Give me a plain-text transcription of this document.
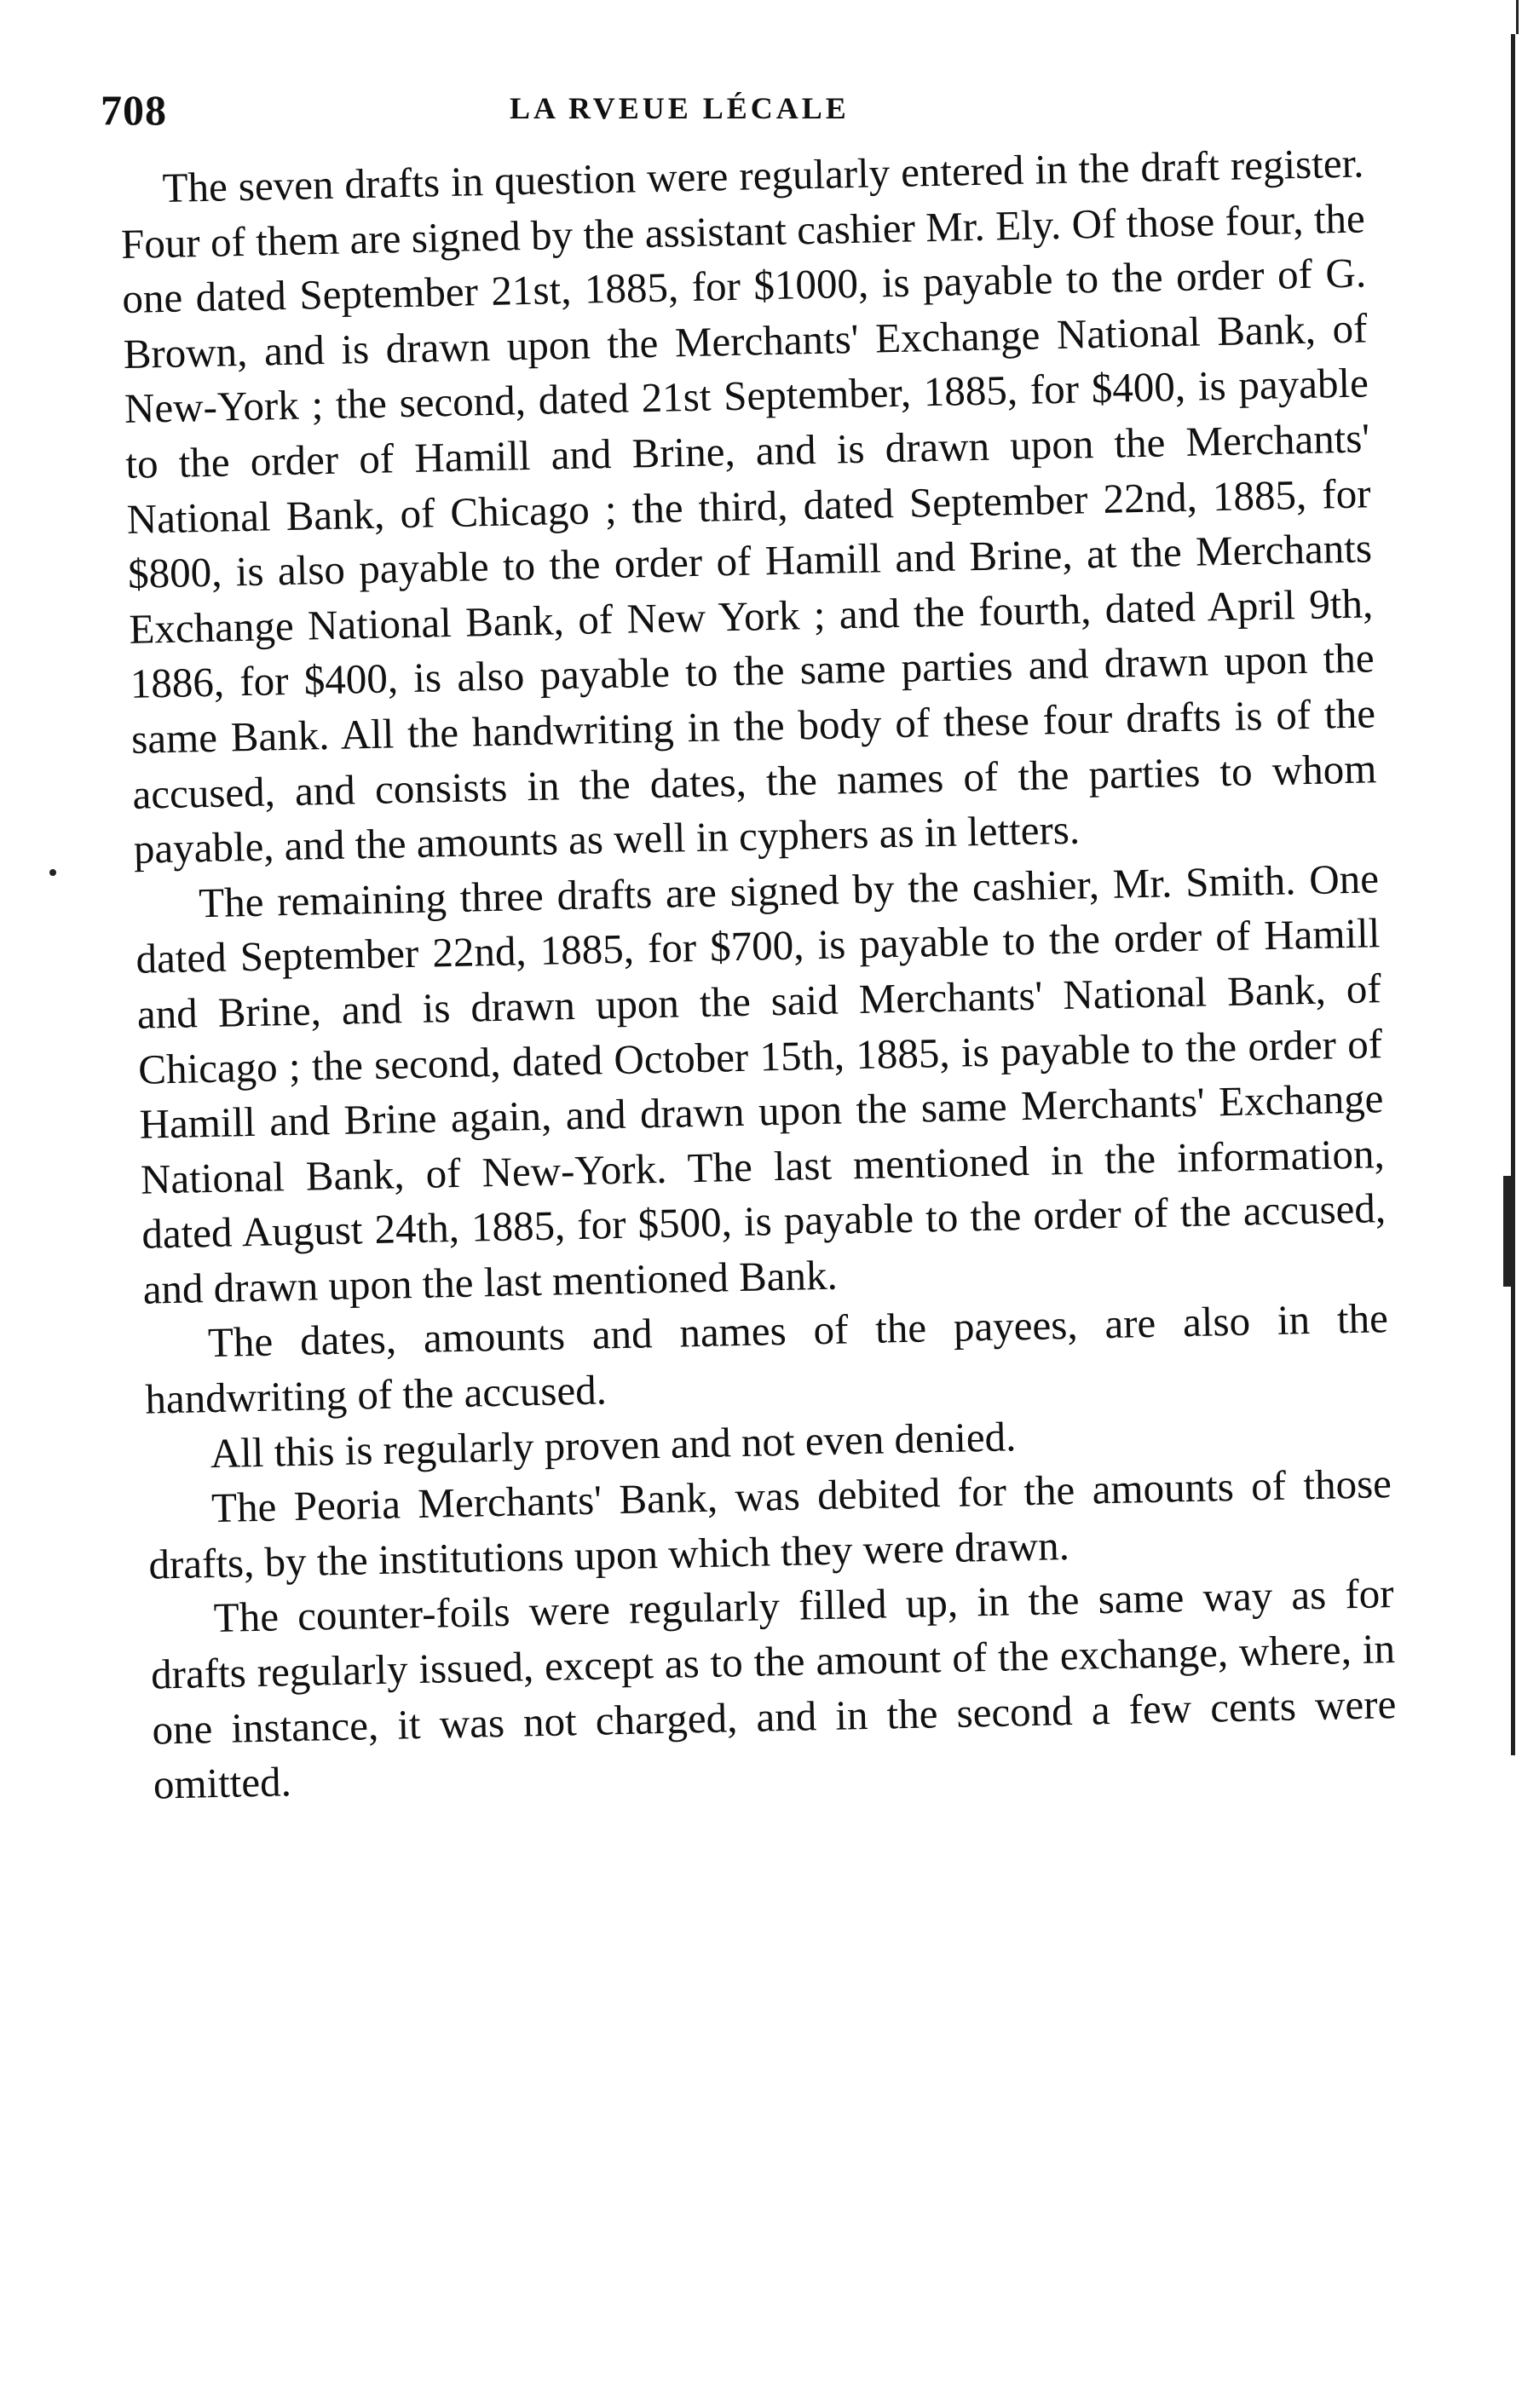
708	LA RVEUE LÉCALE

The seven drafts in question were regularly entered in the draft register. Four of them are signed by the assistant cashier Mr. Ely. Of those four, the one dated September 21st, 1885, for $1000, is payable to the order of G. Brown, and is drawn upon the Merchants' Exchange National Bank, of New-York ; the second, dated 21st September, 1885, for $400, is payable to the order of Hamill and Brine, and is drawn upon the Merchants' National Bank, of Chicago ; the third, dated September 22nd, 1885, for $800, is also payable to the order of Hamill and Brine, at the Merchants Exchange National Bank, of New York ; and the fourth, dated April 9th, 1886, for $400, is also payable to the same parties and drawn upon the same Bank. All the handwriting in the body of these four drafts is of the accused, and consists in the dates, the names of the parties to whom payable, and the amounts as well in cyphers as in letters.

The remaining three drafts are signed by the cashier, Mr. Smith. One dated September 22nd, 1885, for $700, is payable to the order of Hamill and Brine, and is drawn upon the said Merchants' National Bank, of Chicago ; the second, dated October 15th, 1885, is payable to the order of Hamill and Brine again, and drawn upon the same Merchants' Exchange National Bank, of New-York. The last mentioned in the information, dated August 24th, 1885, for $500, is payable to the order of the accused, and drawn upon the last mentioned Bank.

The dates, amounts and names of the payees, are also in the handwriting of the accused.

All this is regularly proven and not even denied.

The Peoria Merchants' Bank, was debited for the amounts of those drafts, by the institutions upon which they were drawn.

The counter-foils were regularly filled up, in the same way as for drafts regularly issued, except as to the amount of the exchange, where, in one instance, it was not charged, and in the second a few cents were omitted.
